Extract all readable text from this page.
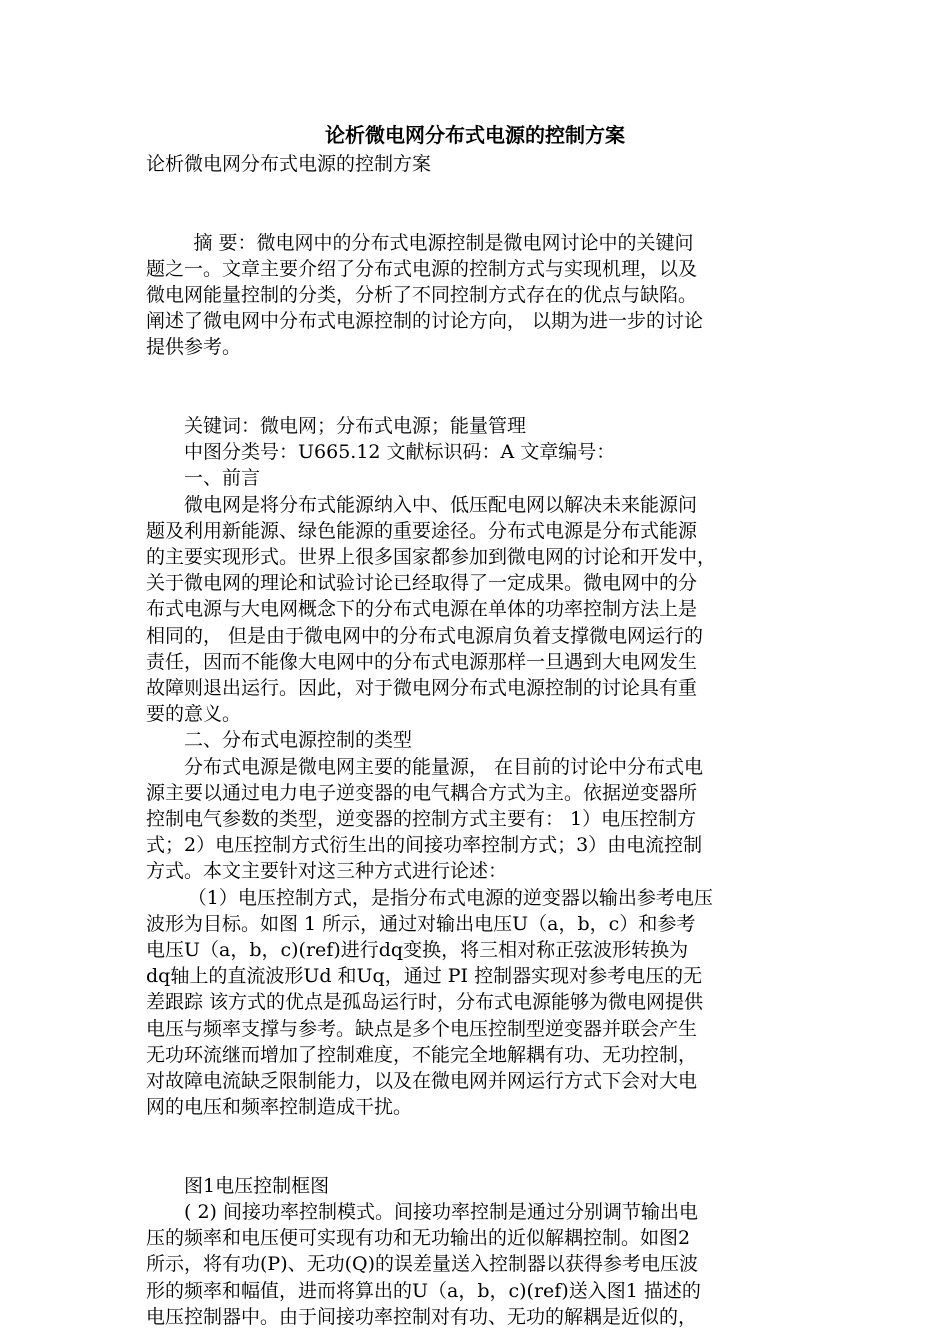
论析微电网分布式电源的控制方案

论析微电网分布式电源的控制方案

摘 要：微电网中的分布式电源控制是微电网讨论中的关键问

题之一。文章主要介绍了分布式电源的控制方式与实现机理，以及

微电网能量控制的分类，分析了不同控制方式存在的优点与缺陷。

阐述了微电网中分布式电源控制的讨论方向， 以期为进一步的讨论

提供参考。

关键词：微电网；分布式电源；能量管理

中图分类号：U665.12 文献标识码：A 文章编号：

一、前言

微电网是将分布式能源纳入中、低压配电网以解决未来能源问

题及利用新能源、绿色能源的重要途径。分布式电源是分布式能源

的主要实现形式。世界上很多国家都参加到微电网的讨论和开发中，

关于微电网的理论和试验讨论已经取得了一定成果。微电网中的分

布式电源与大电网概念下的分布式电源在单体的功率控制方法上是

相同的， 但是由于微电网中的分布式电源肩负着支撑微电网运行的

责任，因而不能像大电网中的分布式电源那样一旦遇到大电网发生

故障则退出运行。因此，对于微电网分布式电源控制的讨论具有重

要的意义。

二、分布式电源控制的类型

分布式电源是微电网主要的能量源， 在目前的讨论中分布式电

源主要以通过电力电子逆变器的电气耦合方式为主。依据逆变器所

控制电气参数的类型，逆变器的控制方式主要有： 1）电压控制方

式；2）电压控制方式衍生出的间接功率控制方式；3）由电流控制

方式。本文主要针对这三种方式进行论述：

（1）电压控制方式，是指分布式电源的逆变器以输出参考电压

波形为目标。如图 1 所示，通过对输出电压U（a，b，c）和参考

电压U（a，b，c)(ref)进行dq变换，将三相对称正弦波形转换为

dq轴上的直流波形Ud 和Uq，通过 PI 控制器实现对参考电压的无

差跟踪 该方式的优点是孤岛运行时，分布式电源能够为微电网提供

电压与频率支撑与参考。缺点是多个电压控制型逆变器并联会产生

无功环流继而增加了控制难度，不能完全地解耦有功、无功控制，

对故障电流缺乏限制能力，以及在微电网并网运行方式下会对大电

网的电压和频率控制造成干扰。

图1电压控制框图

( 2) 间接功率控制模式。间接功率控制是通过分别调节输出电

压的频率和电压便可实现有功和无功输出的近似解耦控制。如图2

所示，将有功(P)、无功(Q)的误差量送入控制器以获得参考电压波

形的频率和幅值，进而将算出的U（a，b，c)(ref)送入图1 描述的

电压控制器中。由于间接功率控制对有功、无功的解耦是近似的，
